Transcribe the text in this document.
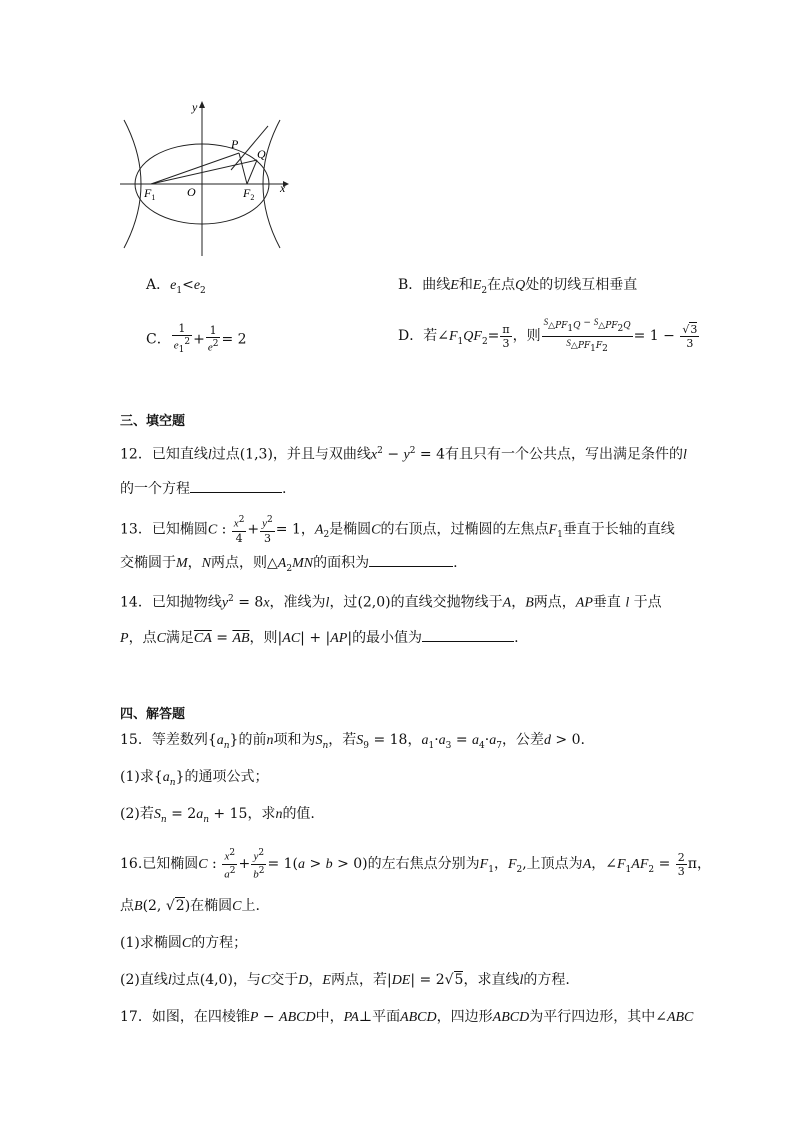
y
x
P
Q
O
$F_1$	$F_2$
A．$e_1<e_2$	B．曲线E和$E_2$在点Q处的切线互相垂直
C． $\frac{1}{e_1^2} + \frac{1}{e^2} = 2$	D．若$\angle F_1QF_2= \frac{\pi}{3}$ ，则 $\frac{S_{\triangle PF_1Q} - S_{\triangle PF_2Q}}{S_{\triangle PF_1F_2}} = 1 - \frac{√3}{3}$
三、填空题
12．已知直线l过点(1,3)，并且与双曲线$x^2 - y^2 = 4$有且只有一个公共点，写出满足条件的l
的一个方程	.
13．已知椭圆C : $\frac{x^2}{4} + \frac{y^2}{3} = 1$，$A_2$是椭圆C的右顶点，过椭圆的左焦点$F_1$垂直于长轴的直线
交椭圆于M，N两点，则$\triangle A_2MN$的面积为	.
14．已知抛物线$y^2 = 8x$，准线为l，过(2,0)的直线交抛物线于A，B两点，AP垂直 l 于点
P，点C满足$\overline{CA} = \overline{AB}$，则|AC| + |AP|的最小值为	.
四、解答题
15．等差数列$\{a_n\}$的前n项和为$S_n$，若$S_9 = 18$，$a_1\cdot a_3 = a_4\cdot a_7$，公差d > 0.
(1)求$\{a_n\}$的通项公式；
(2)若$S_n = 2a_n + 15$，求n的值.
16.已知椭圆C : $\frac{x^2}{a^2} + \frac{y^2}{b^2} = 1(a > b > 0)$的左右焦点分别为$F_1$，$F_2$,上顶点为A，$\angle F_1AF_2 = \frac{2}{3}$ π，
点B(2, √2)在椭圆C上.
(1)求椭圆C的方程；
(2)直线l过点(4,0)，与C交于D，E两点，若|DE| = 2√5，求直线l的方程.
17．如图，在四棱锥P − ABCD中，PA⊥平面ABCD，四边形ABCD为平行四边形，其中∠ABC
